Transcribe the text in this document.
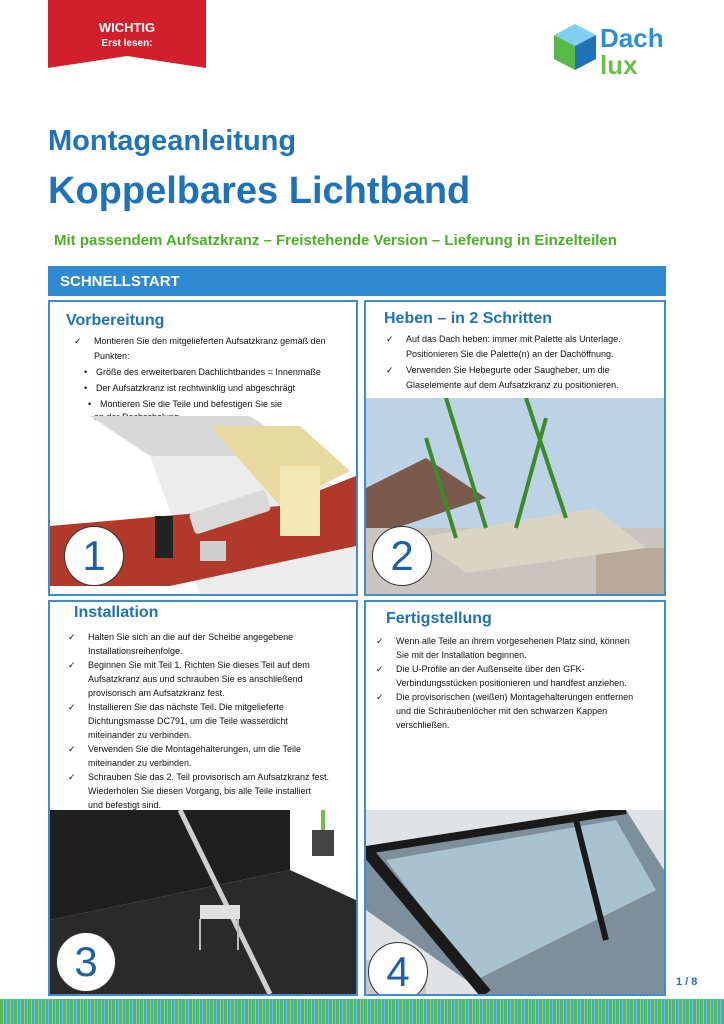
WICHTIG
Erst lesen:	Dach
lux
Montageanleitung
Koppelbares Lichtband
Mit passendem Aufsatzkranz – Freistehende Version – Lieferung in Einzelteilen
SCHNELLSTART
Vorbereitung
✓ Montieren Sie den mitgelieferten Aufsatzkranz gemäß den
Punkten:
• Größe des erweiterbaren Dachlichtbandes = Innenmaße
• Der Aufsatzkranz ist rechtwinklig und abgeschrägt
• Montieren Sie die Teile und befestigen Sie sie
1
Heben – in 2 Schritten
✓ Auf das Dach heben: immer mit Palette als Unterlage.
Positionieren Sie die Palette(n) an der Dachöffnung.
✓ Verwenden Sie Hebegurte oder Saugheber, um die
Glaselemente auf dem Aufsatzkranz zu positionieren.
2
Installation
✓ Halten Sie sich an die auf der Scheibe angegebene
Installationsreihenfolge.
✓ Beginnen Sie mit Teil 1. Richten Sie dieses Teil auf dem
Aufsatzkranz aus und schrauben Sie es anschließend
provisorisch am Aufsatzkranz fest.
✓ Installieren Sie das nächste Teil. Die mitgelieferte
Dichtungsmasse DC791, um die Teile wasserdicht
miteinander zu verbinden.
✓ Verwenden Sie die Montagehalterungen, um die Teile
miteinander zu verbinden.
✓ Schrauben Sie das 2. Teil provisorisch am Aufsatzkranz fest.
Wiederholen Sie diesen Vorgang, bis alle Teile installiert
und befestigt sind.
3
Fertigstellung
✓ Wenn alle Teile an ihrem vorgesehenen Platz sind, können
Sie mit der Installation beginnen.
✓ Die U-Profile an der Außenseite über den GFK-
Verbindungsstücken positionieren und handfest anziehen.
✓ Die provisorischen (weißen) Montagehalterungen entfernen
und die Schraubenlöcher mit den schwarzen Kappen
verschließen.
4	1 / 8
